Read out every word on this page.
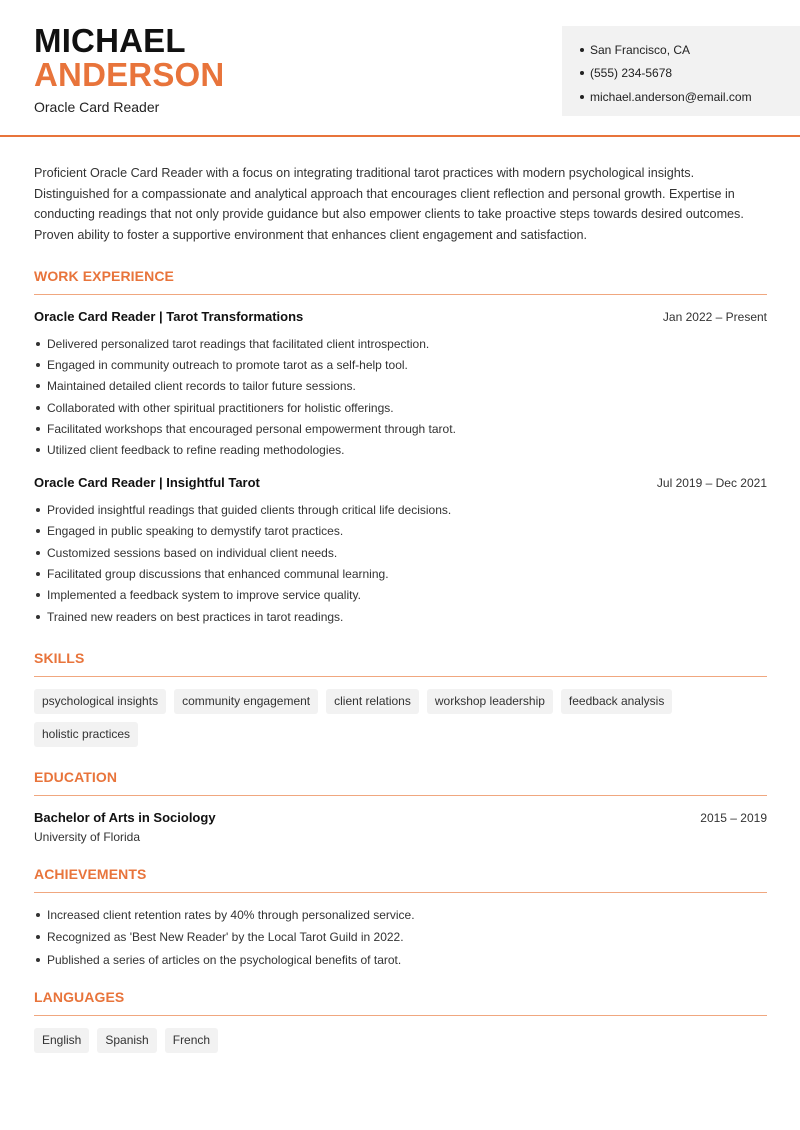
MICHAEL
ANDERSON
Oracle Card Reader
San Francisco, CA
(555) 234-5678
michael.anderson@email.com

Proficient Oracle Card Reader with a focus on integrating traditional tarot practices with modern psychological insights. Distinguished for a compassionate and analytical approach that encourages client reflection and personal growth. Expertise in conducting readings that not only provide guidance but also empower clients to take proactive steps towards desired outcomes. Proven ability to foster a supportive environment that enhances client engagement and satisfaction.

WORK EXPERIENCE
Oracle Card Reader | Tarot Transformations	Jan 2022 – Present
Delivered personalized tarot readings that facilitated client introspection.
Engaged in community outreach to promote tarot as a self-help tool.
Maintained detailed client records to tailor future sessions.
Collaborated with other spiritual practitioners for holistic offerings.
Facilitated workshops that encouraged personal empowerment through tarot.
Utilized client feedback to refine reading methodologies.
Oracle Card Reader | Insightful Tarot	Jul 2019 – Dec 2021
Provided insightful readings that guided clients through critical life decisions.
Engaged in public speaking to demystify tarot practices.
Customized sessions based on individual client needs.
Facilitated group discussions that enhanced communal learning.
Implemented a feedback system to improve service quality.
Trained new readers on best practices in tarot readings.
SKILLS
psychological insights	community engagement	client relations	workshop leadership	feedback analysis
holistic practices
EDUCATION
Bachelor of Arts in Sociology	2015 – 2019
University of Florida
ACHIEVEMENTS
Increased client retention rates by 40% through personalized service.
Recognized as 'Best New Reader' by the Local Tarot Guild in 2022.
Published a series of articles on the psychological benefits of tarot.
LANGUAGES
English	Spanish	French
